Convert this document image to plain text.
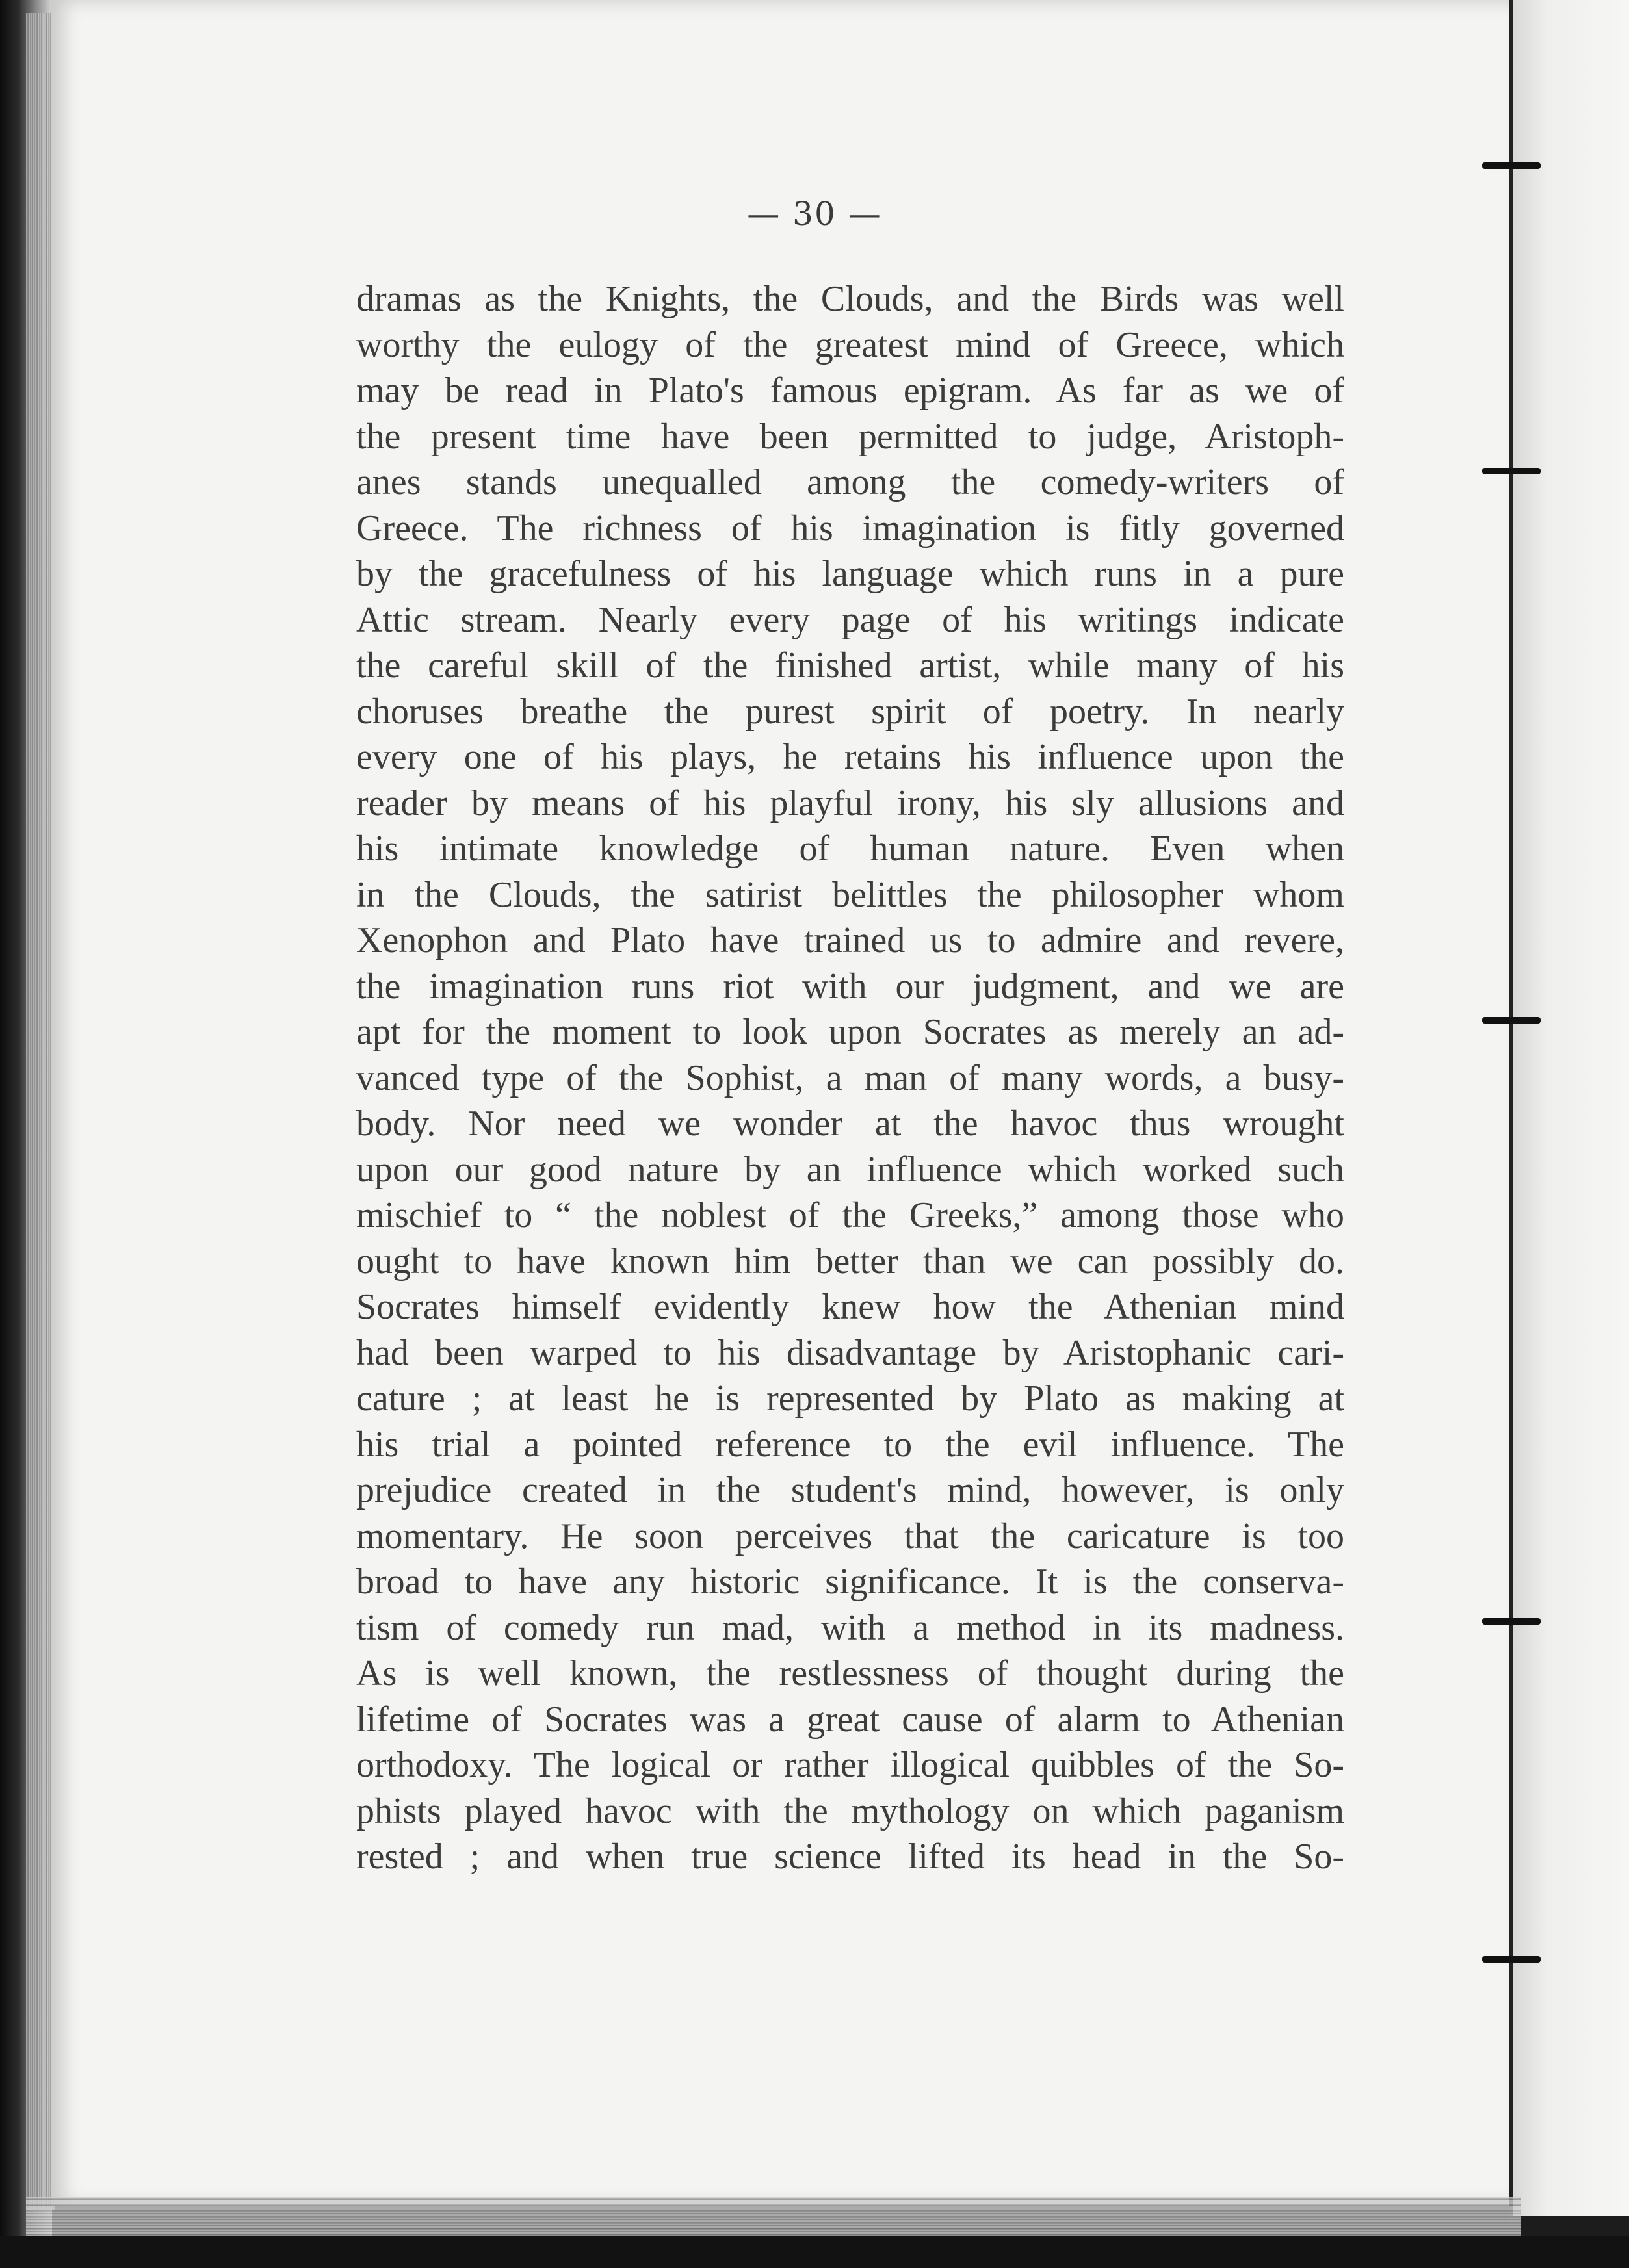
— 30 —
dramas as the Knights, the Clouds, and the Birds was well
worthy the eulogy of the greatest mind of Greece, which
may be read in Plato's famous epigram. As far as we of
the present time have been permitted to judge, Aristoph-
anes stands unequalled among the comedy-writers of
Greece. The richness of his imagination is fitly governed
by the gracefulness of his language which runs in a pure
Attic stream. Nearly every page of his writings indicate
the careful skill of the finished artist, while many of his
choruses breathe the purest spirit of poetry. In nearly
every one of his plays, he retains his influence upon the
reader by means of his playful irony, his sly allusions and
his intimate knowledge of human nature. Even when
in the Clouds, the satirist belittles the philosopher whom
Xenophon and Plato have trained us to admire and revere,
the imagination runs riot with our judgment, and we are
apt for the moment to look upon Socrates as merely an ad-
vanced type of the Sophist, a man of many words, a busy-
body. Nor need we wonder at the havoc thus wrought
upon our good nature by an influence which worked such
mischief to “ the noblest of the Greeks,” among those who
ought to have known him better than we can possibly do.
Socrates himself evidently knew how the Athenian mind
had been warped to his disadvantage by Aristophanic cari-
cature ; at least he is represented by Plato as making at
his trial a pointed reference to the evil influence. The
prejudice created in the student's mind, however, is only
momentary. He soon perceives that the caricature is too
broad to have any historic significance. It is the conserva-
tism of comedy run mad, with a method in its madness.
As is well known, the restlessness of thought during the
lifetime of Socrates was a great cause of alarm to Athenian
orthodoxy. The logical or rather illogical quibbles of the So-
phists played havoc with the mythology on which paganism
rested ; and when true science lifted its head in the So-
